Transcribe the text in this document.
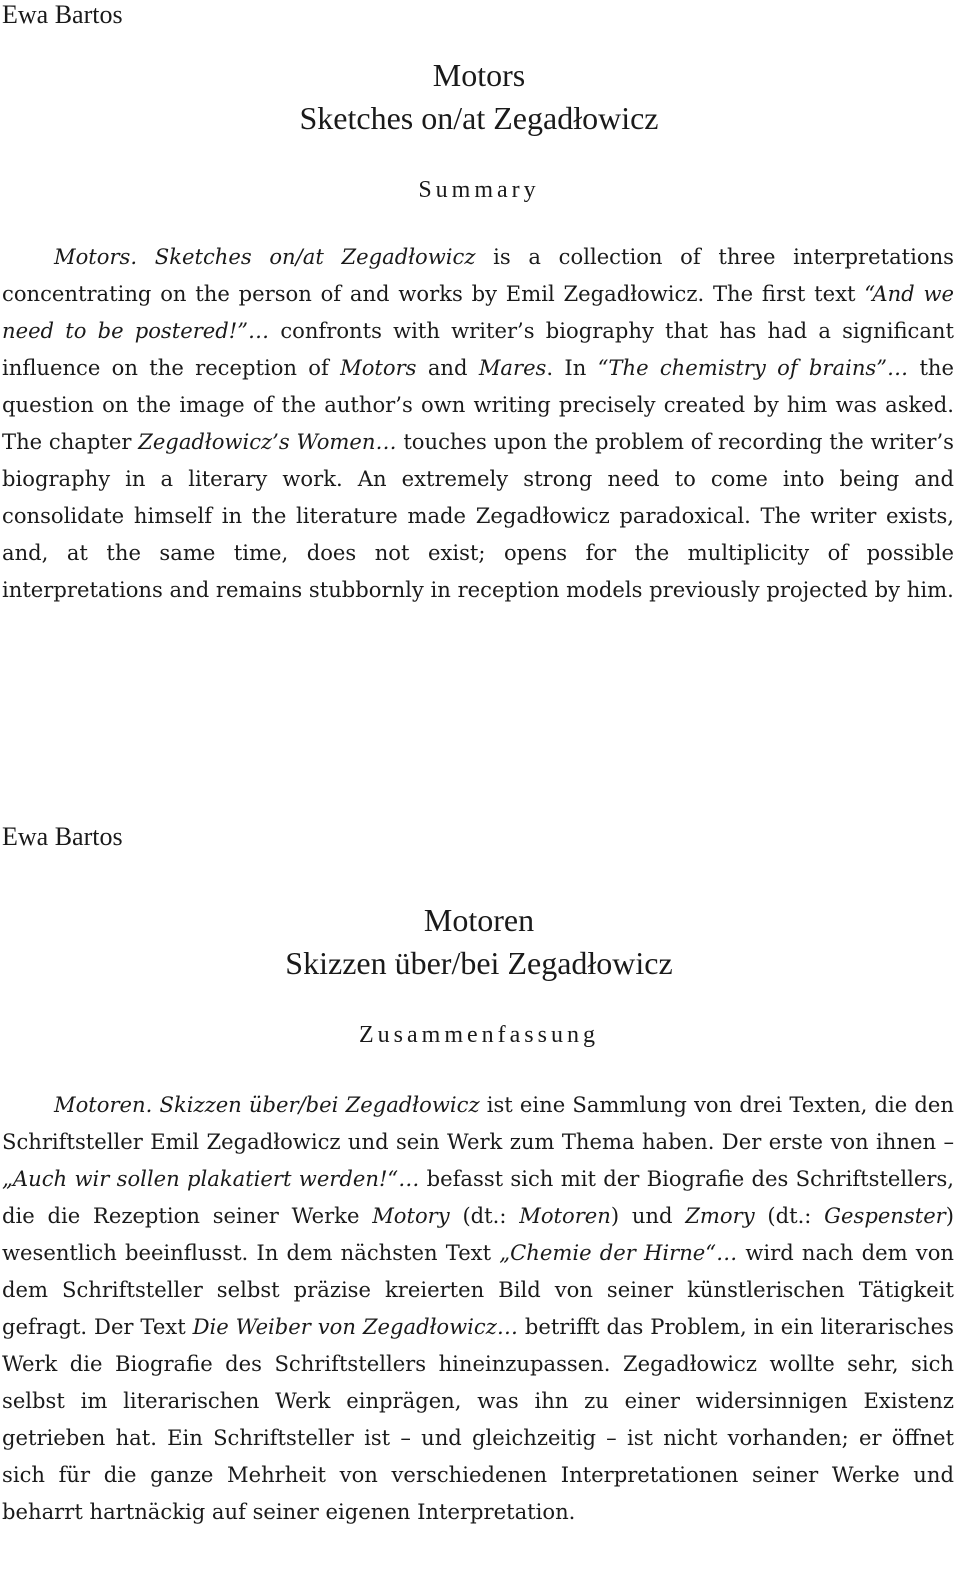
Ewa Bartos

Motors

Sketches on/at Zegadłowicz

Summary

Motors. Sketches on/at Zegadłowicz is a collection of three interpretations concentrating on the person of and works by Emil Zegadłowicz. The first text “And we need to be postered!”… confronts with writer’s biography that has had a significant influence on the reception of Motors and Mares. In “The chemistry of brains”… the question on the image of the author’s own writing precisely created by him was asked. The chapter Zegadłowicz’s Women… touches upon the problem of recording the writer’s biography in a literary work. An extremely strong need to come into being and consolidate himself in the literature made Zegadłowicz paradoxical. The writer exists, and, at the same time, does not exist; opens for the multiplicity of possible interpretations and remains stubbornly in reception models previously projected by him.

Ewa Bartos

Motoren

Skizzen über/bei Zegadłowicz

Zusammenfassung

Motoren. Skizzen über/bei Zegadłowicz ist eine Sammlung von drei Texten, die den Schriftsteller Emil Zegadłowicz und sein Werk zum Thema haben. Der erste von ihnen – „Auch wir sollen plakatiert werden!“… befasst sich mit der Biografie des Schriftstellers, die die Rezeption seiner Werke Motory (dt.: Motoren) und Zmory (dt.: Gespenster) wesentlich beeinflusst. In dem nächsten Text „Chemie der Hirne“… wird nach dem von dem Schriftsteller selbst präzise kreierten Bild von seiner künstlerischen Tätigkeit gefragt. Der Text Die Weiber von Zegadłowicz… betrifft das Problem, in ein literarisches Werk die Biografie des Schriftstellers hineinzupassen. Zegadłowicz wollte sehr, sich selbst im literarischen Werk einprägen, was ihn zu einer widersinnigen Existenz getrieben hat. Ein Schriftsteller ist – und gleichzeitig – ist nicht vorhanden; er öffnet sich für die ganze Mehrheit von verschiedenen Interpretationen seiner Werke und beharrt hartnäckig auf seiner eigenen Interpretation.
